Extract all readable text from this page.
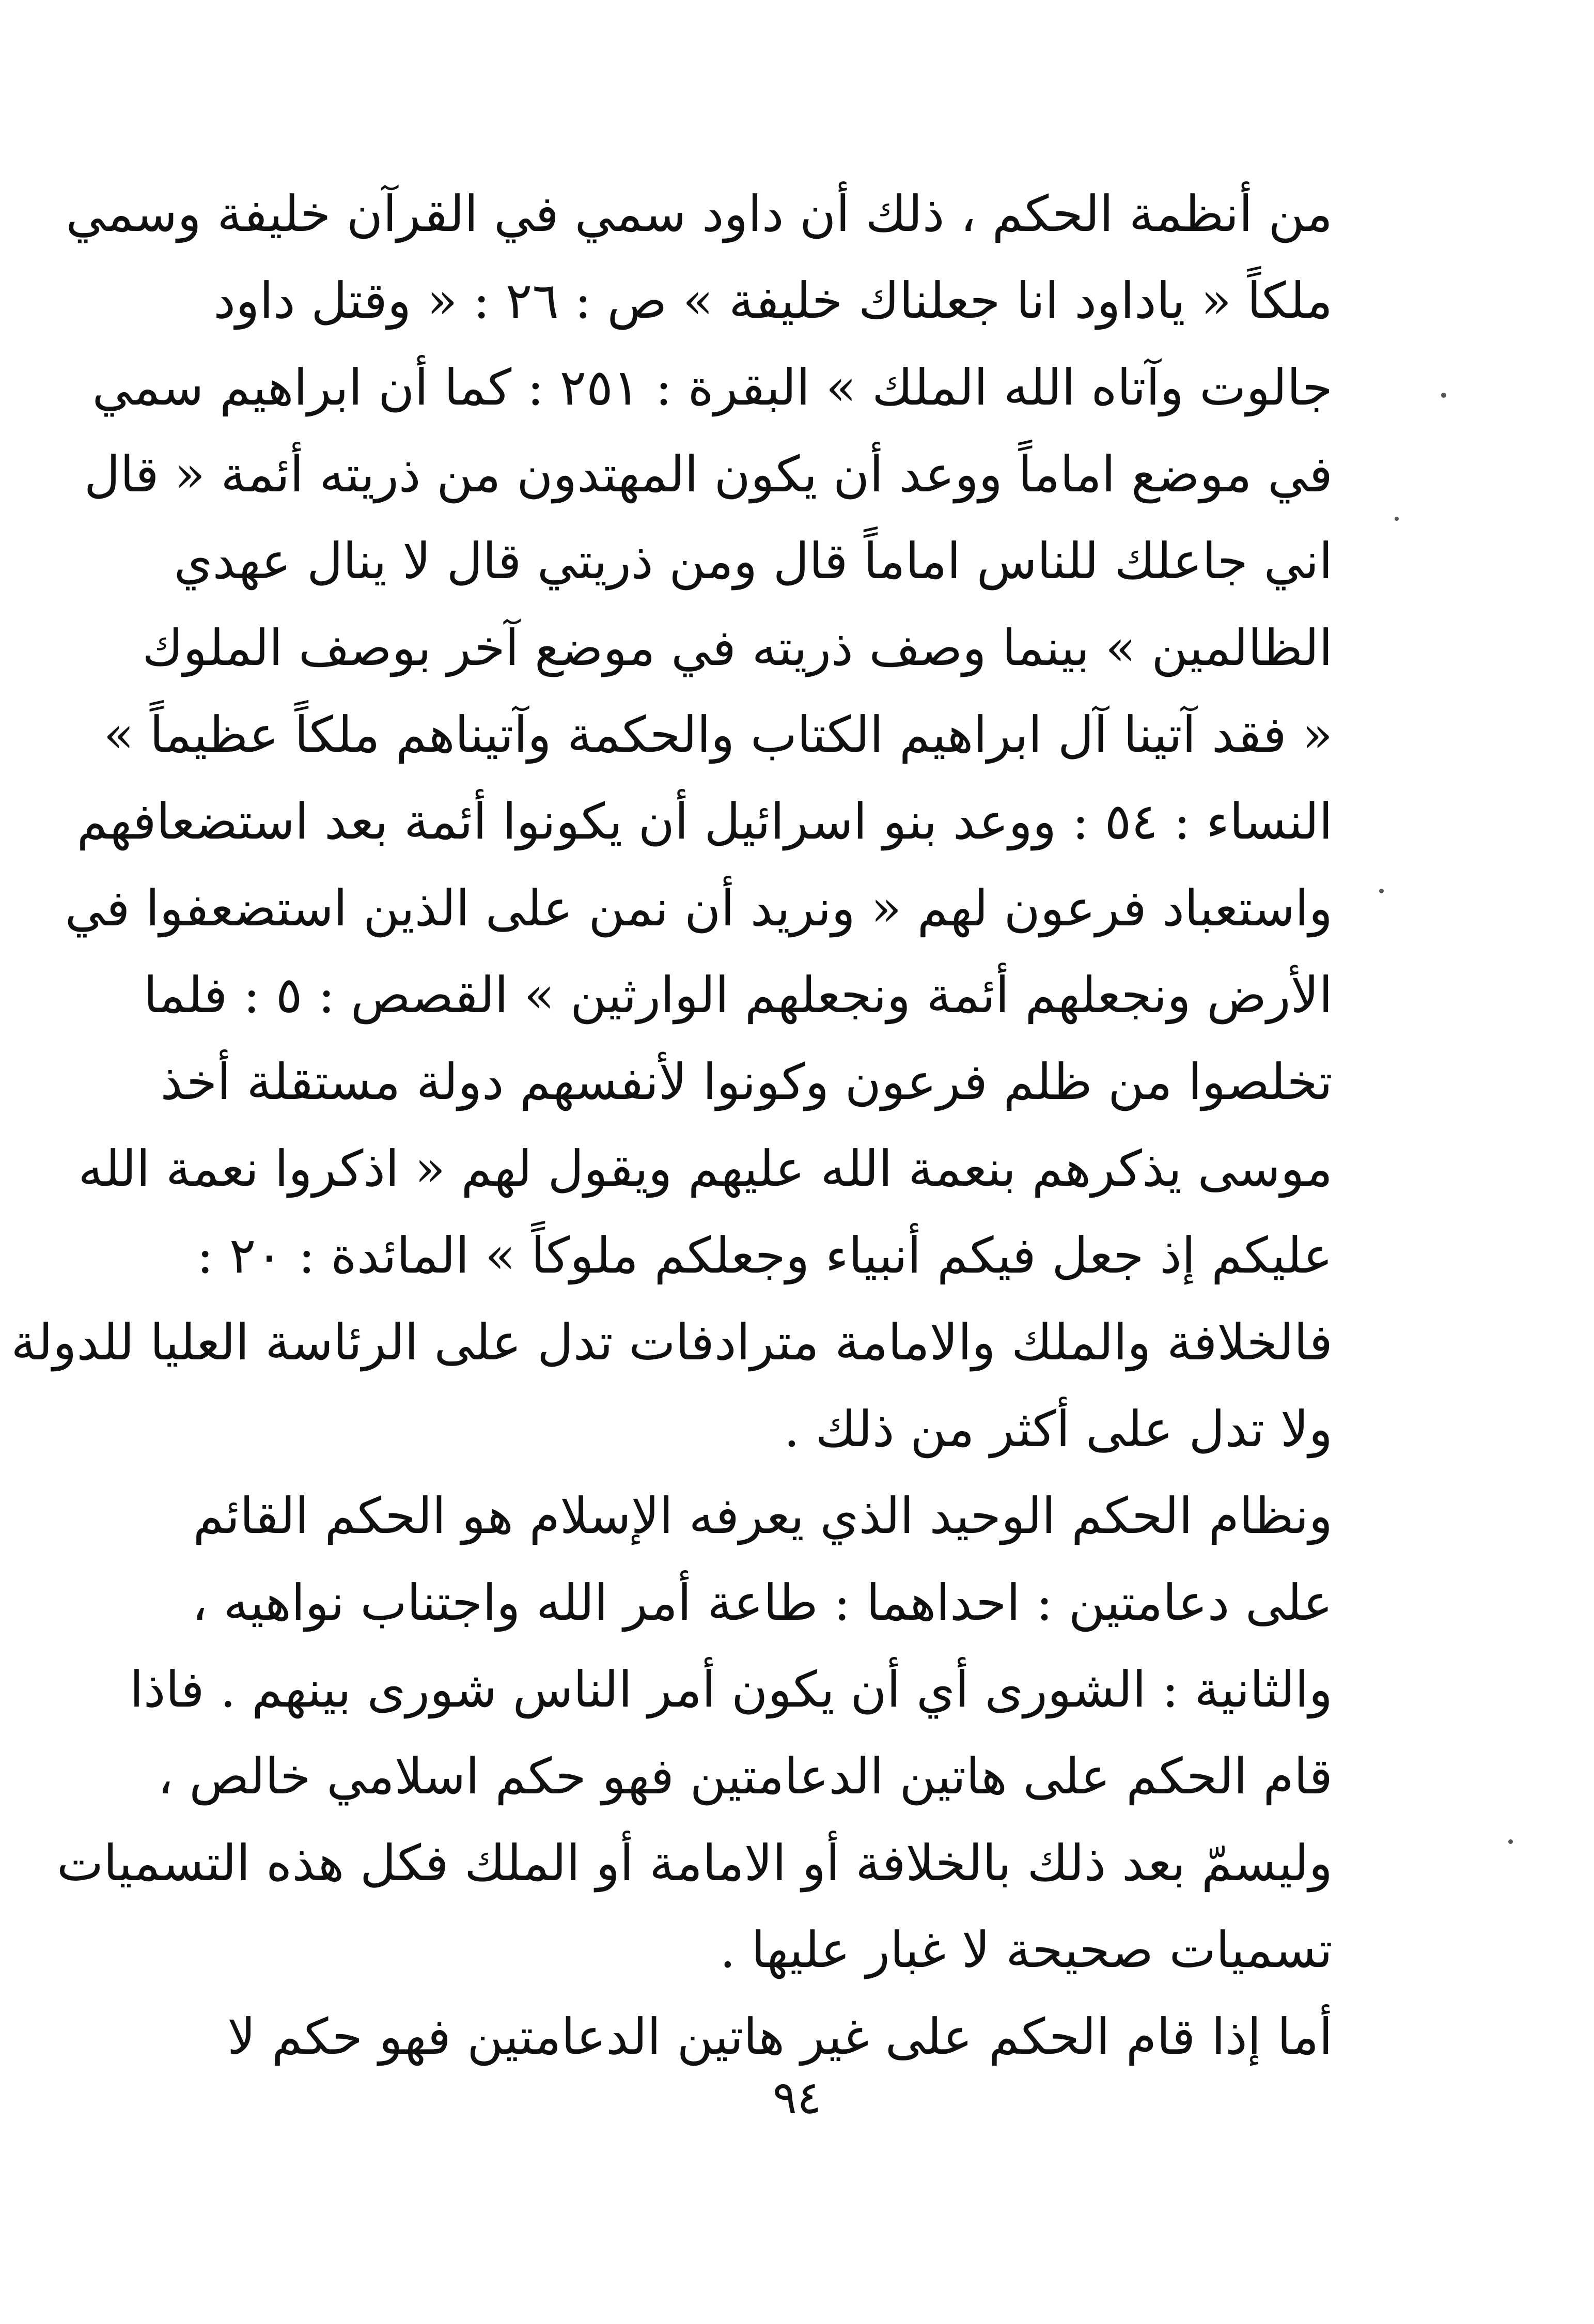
من أنظمة الحكم ، ذلك أن داود سمي في القرآن خليفة وسمي
ملكاً « ياداود انا جعلناك خليفة » ص : ٢٦ : « وقتل داود
جالوت وآتاه الله الملك » البقرة : ٢٥١ : كما أن ابراهيم سمي
في موضع اماماً ووعد أن يكون المهتدون من ذريته أئمة « قال
اني جاعلك للناس اماماً قال ومن ذريتي قال لا ينال عهدي
الظالمين » بينما وصف ذريته في موضع آخر بوصف الملوك
« فقد آتينا آل ابراهيم الكتاب والحكمة وآتيناهم ملكاً عظيماً »
النساء : ٥٤ : ووعد بنو اسرائيل أن يكونوا أئمة بعد استضعافهم
واستعباد فرعون لهم « ونريد أن نمن على الذين استضعفوا في
الأرض ونجعلهم أئمة ونجعلهم الوارثين » القصص : ٥ : فلما
تخلصوا من ظلم فرعون وكونوا لأنفسهم دولة مستقلة أخذ
موسى يذكرهم بنعمة الله عليهم ويقول لهم « اذكروا نعمة الله
عليكم إذ جعل فيكم أنبياء وجعلكم ملوكاً » المائدة : ٢٠ :
فالخلافة والملك والامامة مترادفات تدل على الرئاسة العليا للدولة
ولا تدل على أكثر من ذلك .
ونظام الحكم الوحيد الذي يعرفه الإسلام هو الحكم القائم
على دعامتين : احداهما : طاعة أمر الله واجتناب نواهيه ،
والثانية : الشورى أي أن يكون أمر الناس شورى بينهم . فاذا
قام الحكم على هاتين الدعامتين فهو حكم اسلامي خالص ،
وليسمّ بعد ذلك بالخلافة أو الامامة أو الملك فكل هذه التسميات
تسميات صحيحة لا غبار عليها .
أما إذا قام الحكم على غير هاتين الدعامتين فهو حكم لا
٩٤
